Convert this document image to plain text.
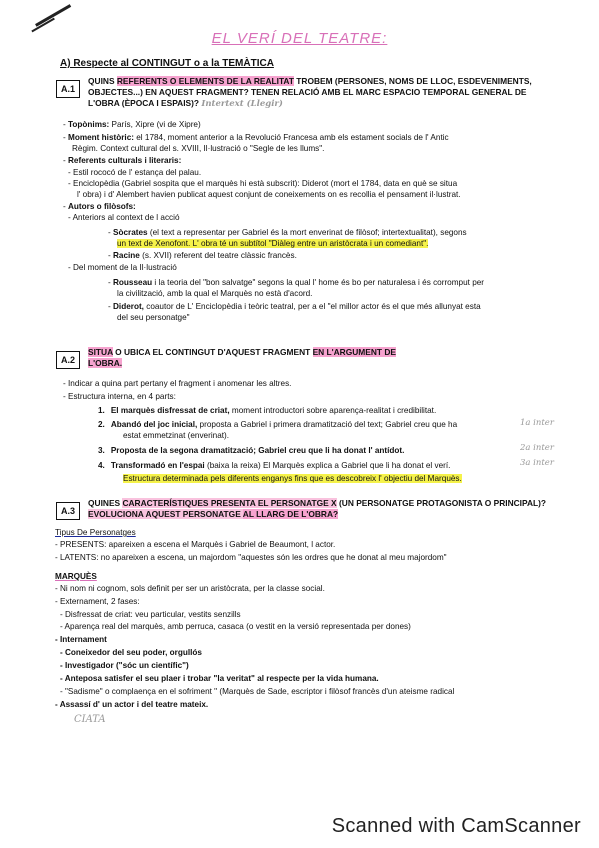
EL VERÍ DEL TEATRE:
A) Respecte al CONTINGUT o a la TEMÀTICA
A.1
QUINS REFERENTS O ELEMENTS DE LA REALITAT TROBEM (PERSONES, NOMS DE LLOC, ESDEVENIMENTS,
OBJECTES...) EN AQUEST FRAGMENT? TENEN RELACIÓ AMB EL MARC ESPACIO TEMPORAL GENERAL DE
L'OBRA (ÈPOCA I ESPAIS)? Intertext (Llegir)
- Topònims: París, Xipre (vi de Xipre)
- Moment històric: el 1784, moment anterior a la Revolució Francesa amb els estament socials de l' Antic
Règim. Context cultural del s. XVIII, Il·lustració o "Segle de les llums".
- Referents culturals i literaris:
- Estil rococó de l' estança del palau.
- Enciclopèdia (Gabriel sospita que el marquès hi està subscrit): Diderot (mort el 1784, data en què se situa
l' obra) i d' Alembert havien publicat aquest conjunt de coneixements on es recollia el pensament il·lustrat.
- Autors o filòsofs:
- Anteriors al context de l acció
- Sòcrates (el text a representar per Gabriel és la mort enverinat de filòsof; intertextualitat), segons
un text de Xenofont. L' obra té un subtítol "Diàleg entre un aristòcrata i un comediant".
- Racine (s. XVII) referent del teatre clàssic francès.
- Del moment de la Il·lustració
- Rousseau i la teoria del "bon salvatge" segons la qual l' home és bo per naturalesa i és corromput per
la civilització, amb la qual el Marquès no està d'acord.
- Diderot, coautor de L' Enciclopèdia i teòric teatral, per a el "el millor actor és el que més allunyat esta
del seu personatge"
A.2
SITUA O UBICA EL CONTINGUT D'AQUEST FRAGMENT EN L'ARGUMENT DE
L'OBRA.
- Indicar a quina part pertany el fragment i anomenar les altres.
- Estructura interna, en 4 parts:
1. El marquès disfressat de criat, moment introductori sobre aparença-realitat i credibilitat.
2. Abandó del joc inicial, proposta a Gabriel i primera dramatització del text; Gabriel creu que ha
estat emmetzinat (enverinat).
3. Proposta de la segona dramatització; Gabriel creu que li ha donat l' antídot.
4. Transformadó en l'espai (baixa la reixa) El Marquès explica a Gabriel que li ha donat el verí.
Estructura determinada pels diferents enganys fins que es descobreix l' objectiu del Marquès.
1a inter
2a inter
3a inter
A.3
QUINES CARACTERÍSTIQUES PRESENTA EL PERSONATGE X (UN PERSONATGE PROTAGONISTA O PRINCIPAL)?
EVOLUCIONA AQUEST PERSONATGE AL LLARG DE L'OBRA?
Tipus De Personatges
- PRESENTS: apareixen a escena el Marquès i Gabriel de Beaumont, l actor.
- LATENTS: no apareixen a escena, un majordom "aquestes són les ordres que he donat al meu majordom"
MARQUÈS
- Ni nom ni cognom, sols definit per ser un aristòcrata, per la classe social.
- Externament, 2 fases:
- Disfressat de criat: veu particular, vestits senzills
- Aparença real del marquès, amb perruca, casaca (o vestit en la versió representada per dones)
- Internament
- Coneixedor del seu poder, orgullós
- Investigador ("sóc un científic")
- Anteposa satisfer el seu plaer i trobar "la veritat" al respecte per la vida humana.
- "Sadisme" o complaença en el sofriment " (Marquès de Sade, escriptor i filòsof francès d'un ateisme radical
- Assassí d' un actor i del teatre mateix.
CIATA
Scanned with CamScanner
